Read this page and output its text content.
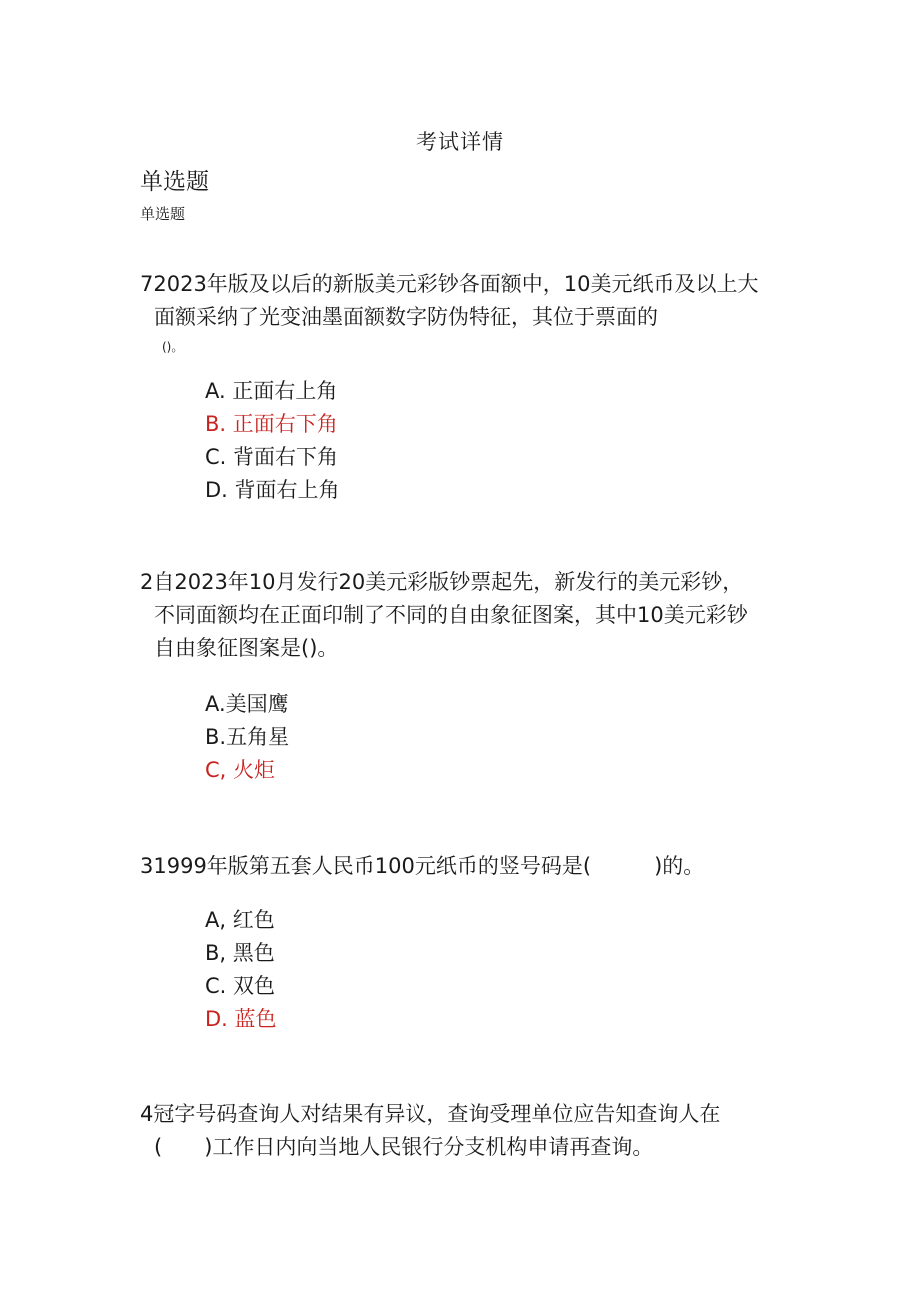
考试详情
单选题
单选题
72023年版及以后的新版美元彩钞各面额中，10美元纸币及以上大
面额采纳了光变油墨面额数字防伪特征，其位于票面的
()。
A. 正面右上角
B. 正面右下角
C. 背面右下角
D. 背面右上角
2自2023年10月发行20美元彩版钞票起先，新发行的美元彩钞，
不同面额均在正面印制了不同的自由象征图案，其中10美元彩钞
自由象征图案是()。
A.美国鹰
B.五角星
C, 火炬
31999年版第五套人民币100元纸币的竖号码是(　　　)的。
A, 红色
B, 黑色
C. 双色
D. 蓝色
4冠字号码查询人对结果有异议，查询受理单位应告知查询人在
(　　)工作日内向当地人民银行分支机构申请再查询。
